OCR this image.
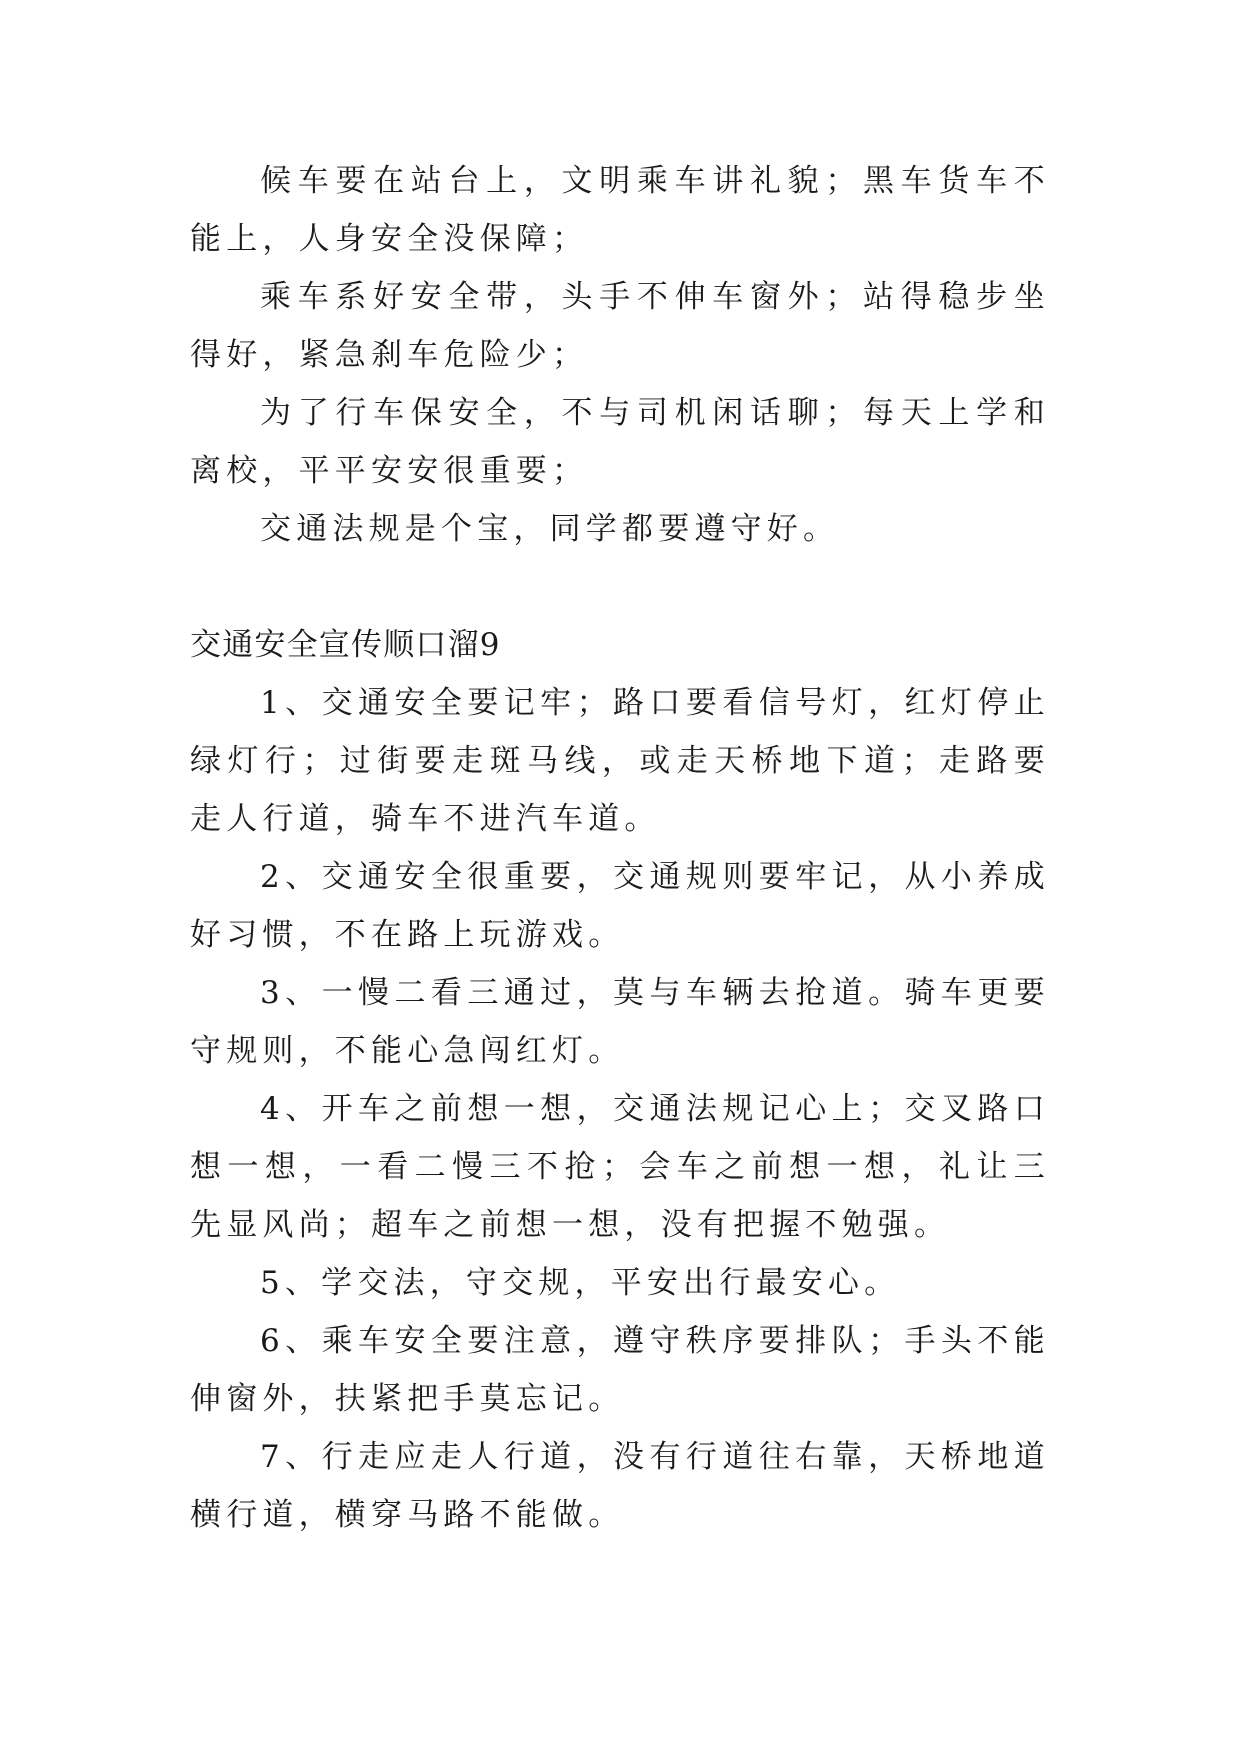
候车要在站台上，文明乘车讲礼貌；黑车货车不能上，人身安全没保障；

乘车系好安全带，头手不伸车窗外；站得稳步坐得好，紧急刹车危险少；

为了行车保安全，不与司机闲话聊；每天上学和离校，平平安安很重要；

交通法规是个宝，同学都要遵守好。

交通安全宣传顺口溜9

1、交通安全要记牢；路口要看信号灯，红灯停止绿灯行；过街要走斑马线，或走天桥地下道；走路要走人行道，骑车不进汽车道。

2、交通安全很重要，交通规则要牢记，从小养成好习惯，不在路上玩游戏。

3、一慢二看三通过，莫与车辆去抢道。骑车更要守规则，不能心急闯红灯。

4、开车之前想一想，交通法规记心上；交叉路口想一想，一看二慢三不抢；会车之前想一想，礼让三先显风尚；超车之前想一想，没有把握不勉强。

5、学交法，守交规，平安出行最安心。

6、乘车安全要注意，遵守秩序要排队；手头不能伸窗外，扶紧把手莫忘记。

7、行走应走人行道，没有行道往右靠，天桥地道横行道，横穿马路不能做。
